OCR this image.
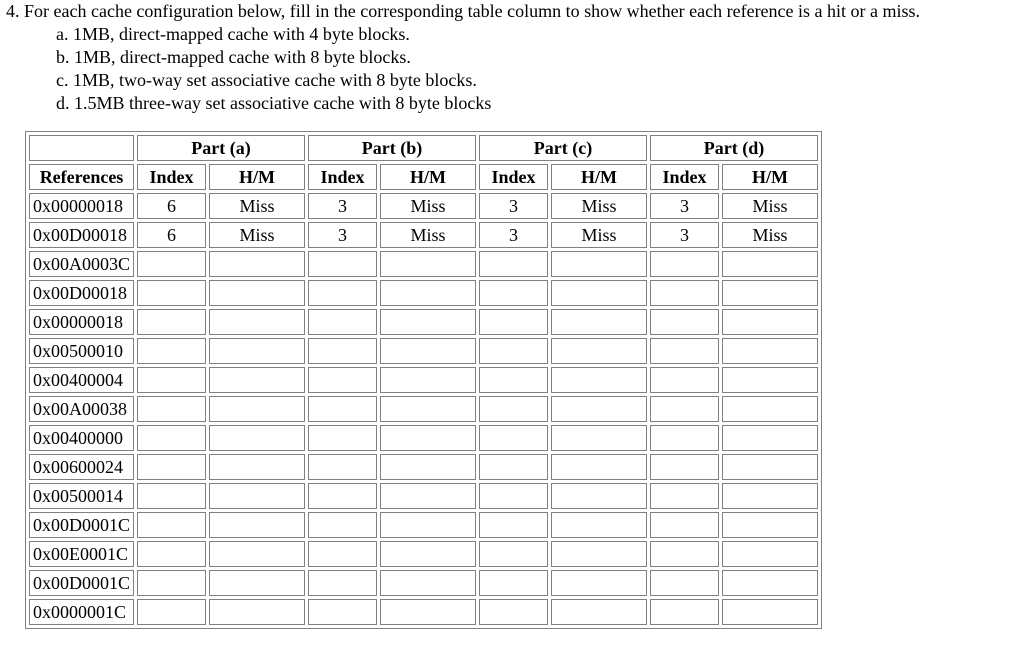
4. For each cache configuration below, fill in the corresponding table column to show whether each reference is a hit or a miss.
a. 1MB, direct-mapped cache with 4 byte blocks.
b. 1MB, direct-mapped cache with 8 byte blocks.
c. 1MB, two-way set associative cache with 8 byte blocks.
d. 1.5MB three-way set associative cache with 8 byte blocks
	Part (a)		Part (b)		Part (c)		Part (d)	
References	Index	H/M	Index	H/M	Index	H/M	Index	H/M
0x00000018	6	Miss	3	Miss	3	Miss	3	Miss
0x00D00018	6	Miss	3	Miss	3	Miss	3	Miss
0x00A0003C								
0x00D00018								
0x00000018								
0x00500010								
0x00400004								
0x00A00038								
0x00400000								
0x00600024								
0x00500014								
0x00D0001C								
0x00E0001C								
0x00D0001C								
0x0000001C								
